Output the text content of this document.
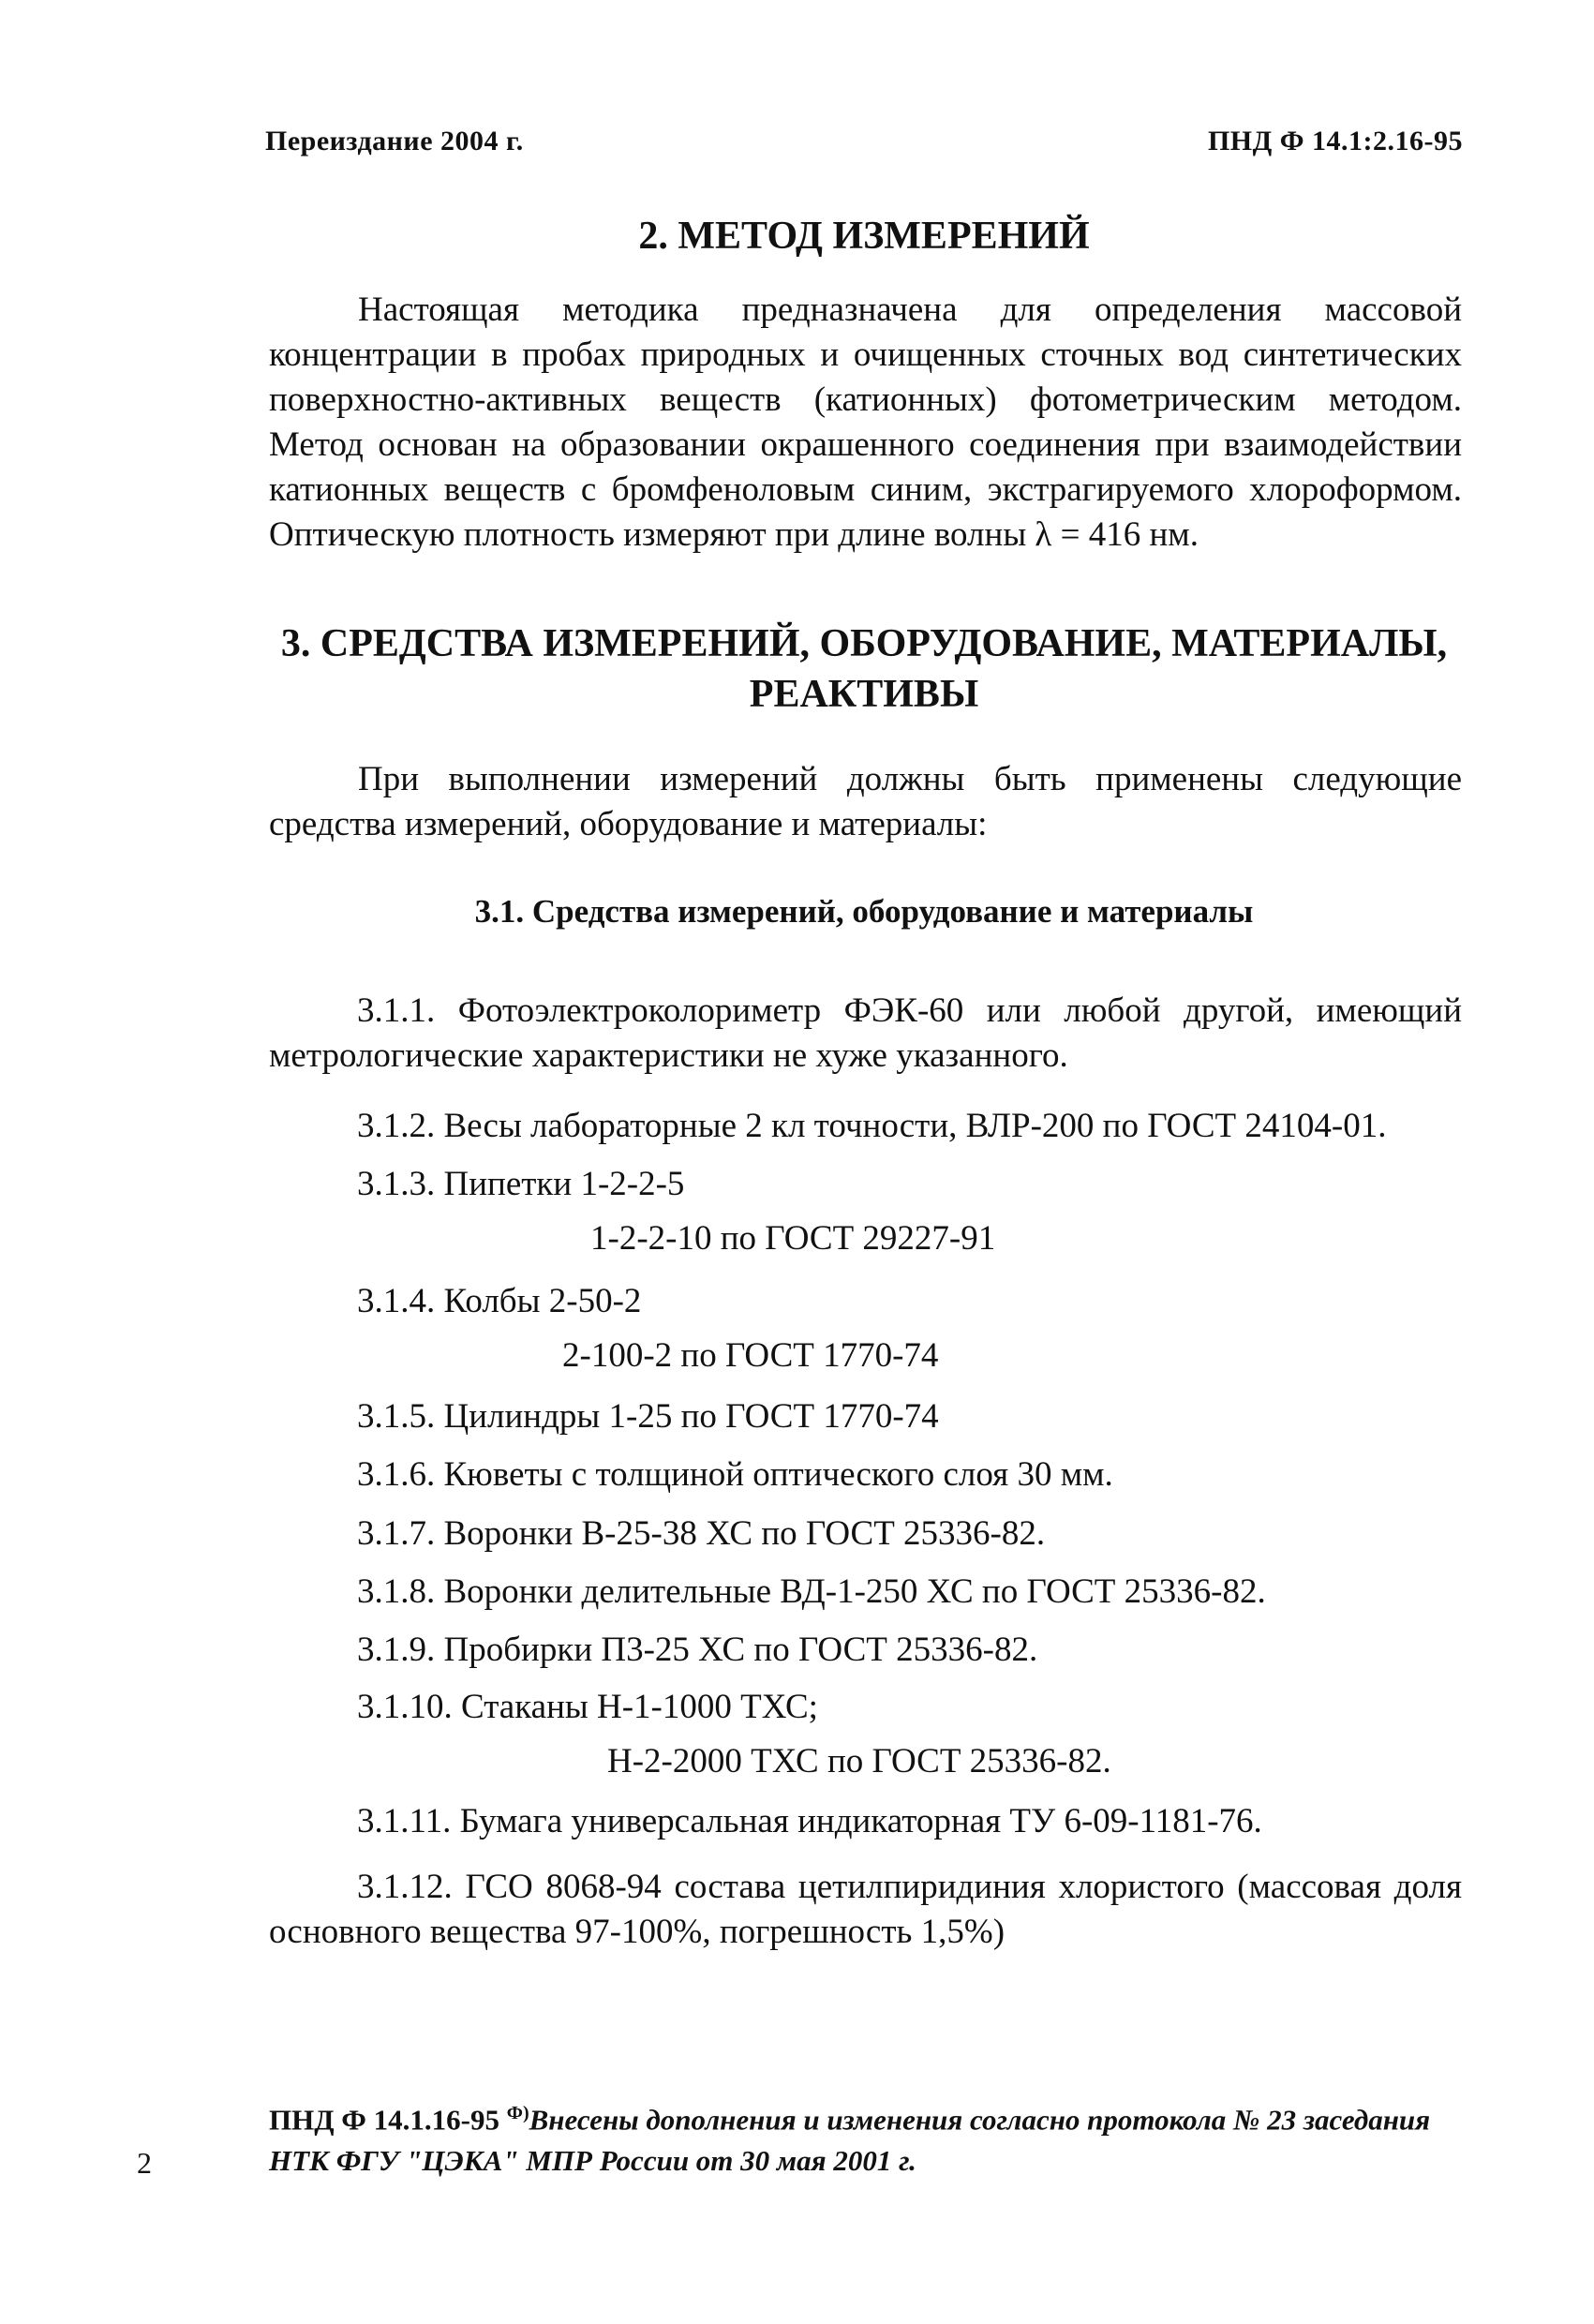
Переиздание 2004 г.	ПНД Ф 14.1:2.16-95
2. МЕТОД ИЗМЕРЕНИЙ

Настоящая методика предназначена для определения массовой концентрации в пробах природных и очищенных сточных вод синтетических поверхностно-активных веществ (катионных) фотометрическим методом. Метод основан на образовании окрашенного соединения при взаимодействии катионных веществ с бромфеноловым синим, экстрагируемого хлороформом. Оптическую плотность измеряют при длине волны λ = 416 нм.

3. СРЕДСТВА ИЗМЕРЕНИЙ, ОБОРУДОВАНИЕ, МАТЕРИАЛЫ,
РЕАКТИВЫ

При выполнении измерений должны быть применены следующие средства измерений, оборудование и материалы:

3.1. Средства измерений, оборудование и материалы
3.1.1. Фотоэлектроколориметр ФЭК-60 или любой другой, имеющий метрологические характеристики не хуже указанного.
3.1.2. Весы лабораторные 2 кл точности, ВЛР-200 по ГОСТ 24104-01.
3.1.3. Пипетки 1-2-2-5
1-2-2-10 по ГОСТ 29227-91
3.1.4. Колбы 2-50-2
2-100-2 по ГОСТ 1770-74
3.1.5. Цилиндры 1-25 по ГОСТ 1770-74
3.1.6. Кюветы с толщиной оптического слоя 30 мм.
3.1.7. Воронки В-25-38 ХС по ГОСТ 25336-82.
3.1.8. Воронки делительные ВД-1-250 ХС по ГОСТ 25336-82.
3.1.9. Пробирки П3-25 ХС по ГОСТ 25336-82.
3.1.10. Стаканы Н-1-1000 ТХС;
Н-2-2000 ТХС по ГОСТ 25336-82.
3.1.11. Бумага универсальная индикаторная ТУ 6-09-1181-76.
3.1.12. ГСО 8068-94 состава цетилпиридиния хлористого (массовая доля основного вещества 97-100%, погрешность 1,5%)
ПНД Ф 14.1.16-95 $^{Ф)}$Внесены дополнения и изменения согласно протокола № 23 заседания НТК ФГУ "ЦЭКА" МПР России от 30 мая 2001 г.
2
